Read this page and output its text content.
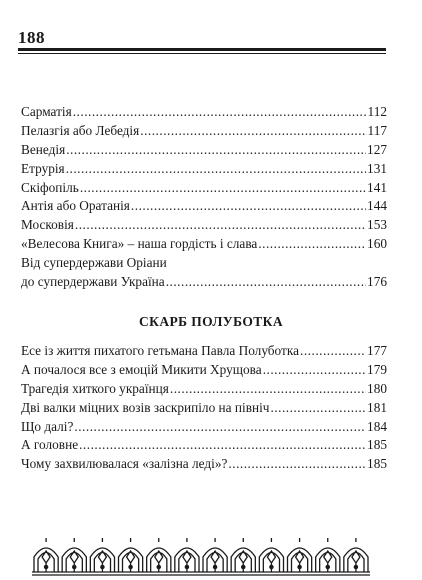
188
Сарматія .....	112
Пелазгія або Лебедія .....	117
Венедія .....	127
Етрурія .....	131
Скіфопіль .....	141
Антія або Оратанія .....	144
Московія .....	153
«Велесова Книга» – наша гордість і слава .....	160
Від супердержави Оріани
до супердержави Україна .....	176
СКАРБ ПОЛУБОТКА
Есе із життя пихатого гетьмана Павла Полуботка .....	177
А почалося все з емоцій Микити Хрущова .....	179
Трагедія хиткого українця .....	180
Дві валки міцних возів заскрипіло на північ .....	181
Що далі? .....	184
А головне .....	185
Чому захвилювалася «залізна леді»? .....	185
